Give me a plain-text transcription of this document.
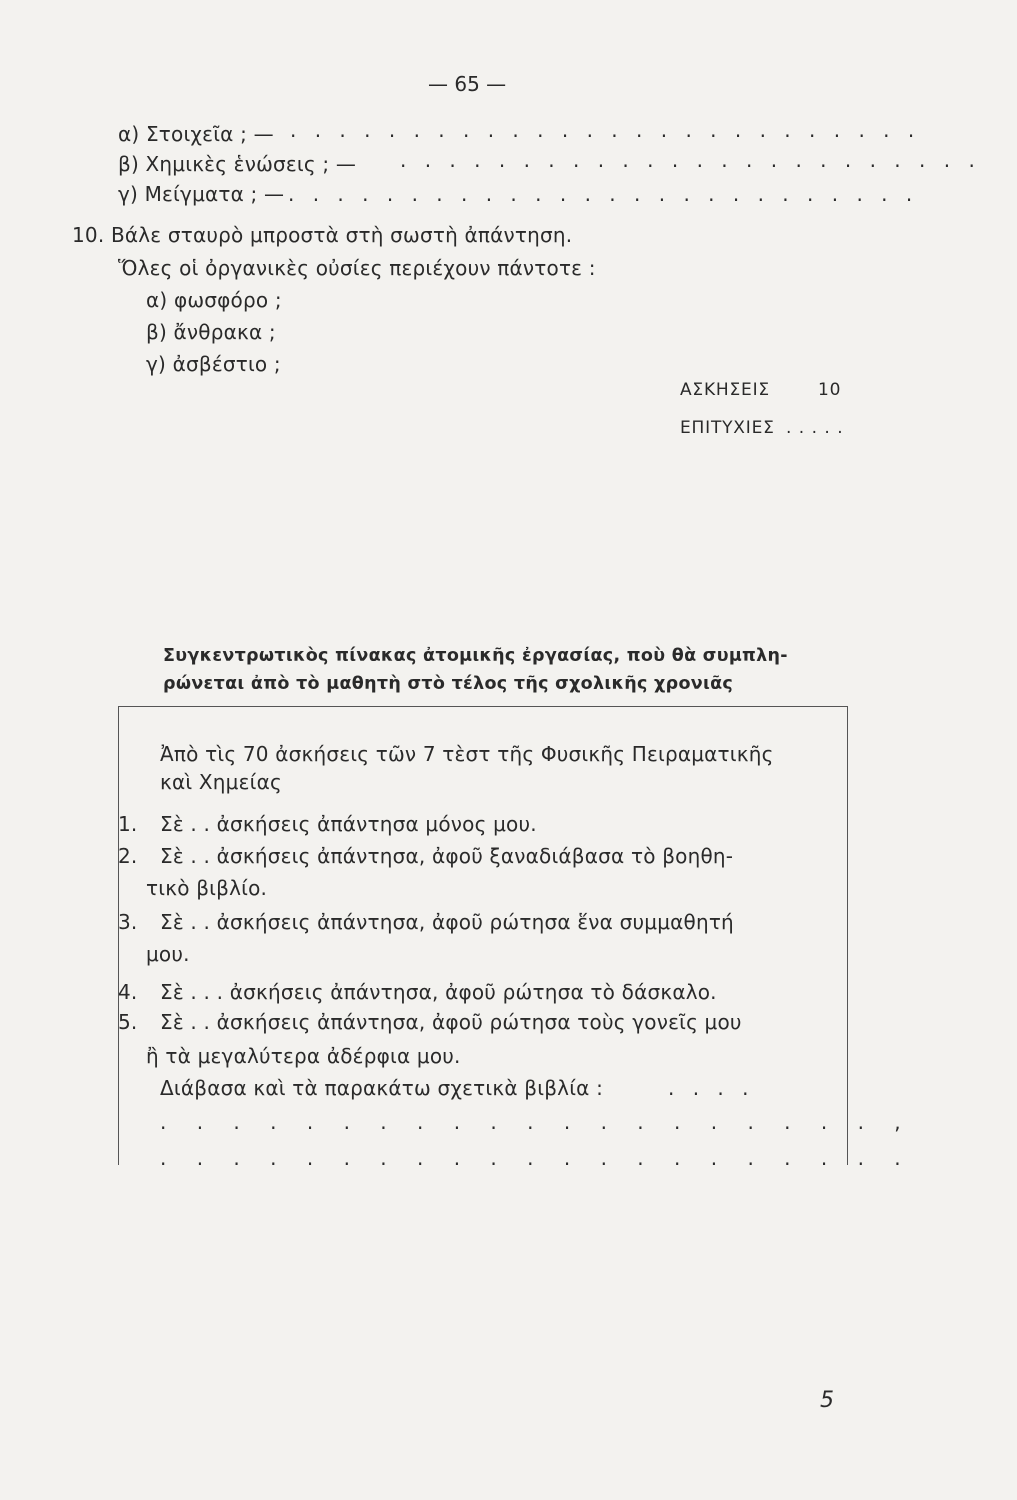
— 65 —
α) Στοιχεῖα ; — . . . . . . . . . . . . . . . . . . . . . . . . . .
β) Χημικὲς ἑνώσεις ; — . . . . . . . . . . . . . . . . . . . . . . . .
γ) Μείγματα ; — . . . . . . . . . . . . . . . . . . . . . . . . . .
10. Βάλε σταυρὸ μπροστὰ στὴ σωστὴ ἀπάντηση.
Ὅλες οἱ ὀργανικὲς οὐσίες περιέχουν πάντοτε :
α) φωσφόρο ;
β) ἄνθρακα ;
γ) ἀσβέστιο ;
ΑΣΚΗΣΕΙΣ	10
ΕΠΙΤΥΧΙΕΣ . . . . .
Συγκεντρωτικὸς πίνακας ἀτομικῆς ἐργασίας, ποὺ θὰ συμπλη-
ρώνεται ἀπὸ τὸ μαθητὴ στὸ τέλος τῆς σχολικῆς χρονιᾶς
Ἀπὸ τὶς 70 ἀσκήσεις τῶν 7 τὲστ τῆς Φυσικῆς Πειραματικῆς
καὶ Χημείας
1. Σὲ . . ἀσκήσεις ἀπάντησα μόνος μου.
2. Σὲ . . ἀσκήσεις ἀπάντησα, ἀφοῦ ξαναδιάβασα τὸ βοηθη-
τικὸ βιβλίο.
3. Σὲ . . ἀσκήσεις ἀπάντησα, ἀφοῦ ρώτησα ἕνα συμμαθητή
μου.
4. Σὲ . . . ἀσκήσεις ἀπάντησα, ἀφοῦ ρώτησα τὸ δάσκαλο.
5. Σὲ . . ἀσκήσεις ἀπάντησα, ἀφοῦ ρώτησα τοὺς γονεῖς μου
ἢ τὰ μεγαλύτερα ἀδέρφια μου.
Διάβασα καὶ τὰ παρακάτω σχετικὰ βιβλία :	. . . .
. . . . . . . . . . . . . . . . . . . . ,
. . . . . . . . . . . . . . . . . . . . .
5
